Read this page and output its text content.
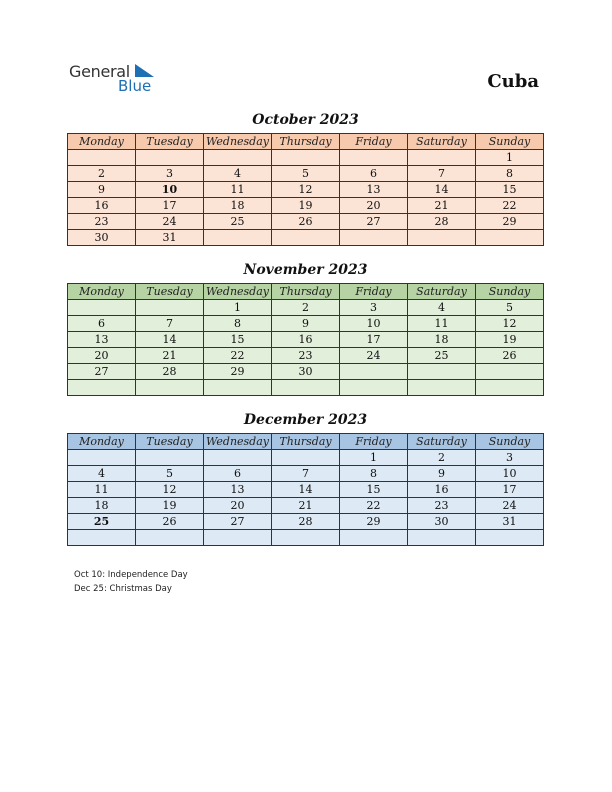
General
Blue	Cuba
October 2023
Monday	Tuesday	Wednesday	Thursday	Friday	Saturday	Sunday
						1
2	3	4	5	6	7	8
9	10	11	12	13	14	15
16	17	18	19	20	21	22
23	24	25	26	27	28	29
30	31					
November 2023
Monday	Tuesday	Wednesday	Thursday	Friday	Saturday	Sunday
		1	2	3	4	5
6	7	8	9	10	11	12
13	14	15	16	17	18	19
20	21	22	23	24	25	26
27	28	29	30			

December 2023
Monday	Tuesday	Wednesday	Thursday	Friday	Saturday	Sunday
				1	2	3
4	5	6	7	8	9	10
11	12	13	14	15	16	17
18	19	20	21	22	23	24
25	26	27	28	29	30	31

Oct 10: Independence Day
Dec 25: Christmas Day
